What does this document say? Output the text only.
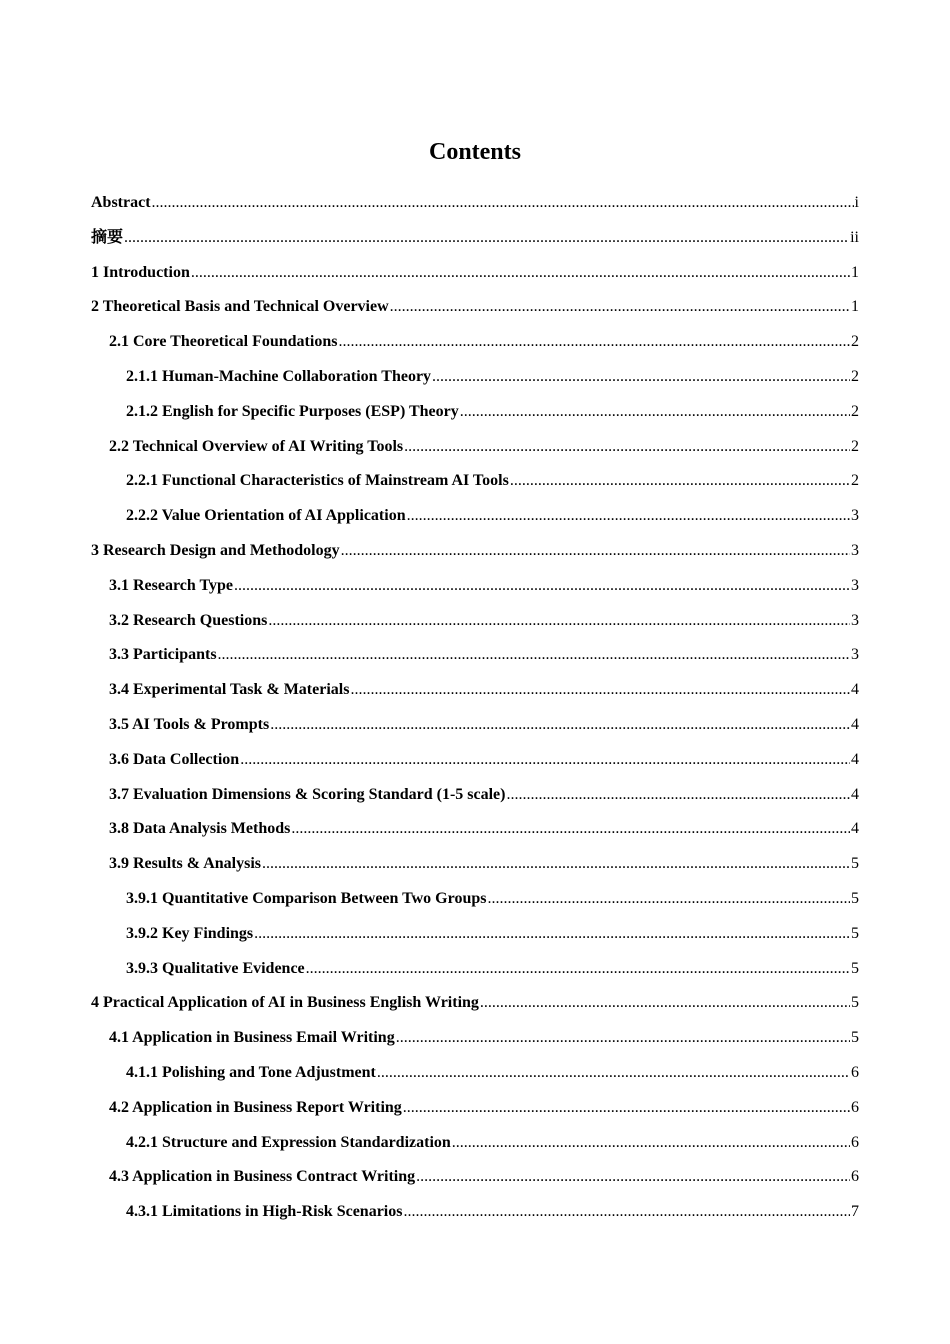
Contents
Abstract .....	i
摘要 .....	ii
1 Introduction .....	1
2 Theoretical Basis and Technical Overview .....	1
2.1 Core Theoretical Foundations .....	2
2.1.1 Human-Machine Collaboration Theory .....	2
2.1.2 English for Specific Purposes (ESP) Theory .....	2
2.2 Technical Overview of AI Writing Tools .....	2
2.2.1 Functional Characteristics of Mainstream AI Tools .....	2
2.2.2 Value Orientation of AI Application .....	3
3 Research Design and Methodology .....	3
3.1 Research Type .....	3
3.2 Research Questions .....	3
3.3 Participants .....	3
3.4 Experimental Task & Materials .....	4
3.5 AI Tools & Prompts .....	4
3.6 Data Collection .....	4
3.7 Evaluation Dimensions & Scoring Standard (1-5 scale) .....	4
3.8 Data Analysis Methods .....	4
3.9 Results & Analysis .....	5
3.9.1 Quantitative Comparison Between Two Groups .....	5
3.9.2 Key Findings .....	5
3.9.3 Qualitative Evidence .....	5
4 Practical Application of AI in Business English Writing .....	5
4.1 Application in Business Email Writing .....	5
4.1.1 Polishing and Tone Adjustment .....	6
4.2 Application in Business Report Writing .....	6
4.2.1 Structure and Expression Standardization .....	6
4.3 Application in Business Contract Writing .....	6
4.3.1 Limitations in High-Risk Scenarios .....	7
